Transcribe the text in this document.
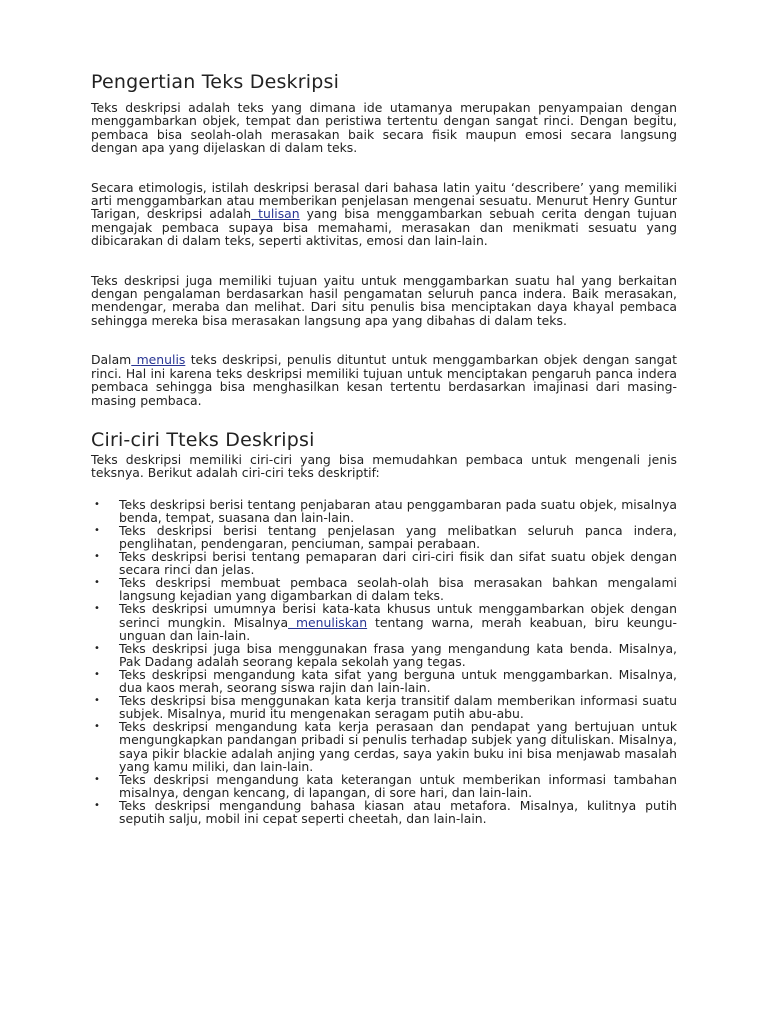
Pengertian Teks Deskripsi

Teks deskripsi adalah teks yang dimana ide utamanya merupakan penyampaian dengan menggambarkan objek, tempat dan peristiwa tertentu dengan sangat rinci. Dengan begitu, pembaca bisa seolah-olah merasakan baik secara fisik maupun emosi secara langsung dengan apa yang dijelaskan di dalam teks.

Secara etimologis, istilah deskripsi berasal dari bahasa latin yaitu ‘describere’ yang memiliki arti menggambarkan atau memberikan penjelasan mengenai sesuatu. Menurut Henry Guntur Tarigan, deskripsi adalah tulisan yang bisa menggambarkan sebuah cerita dengan tujuan mengajak pembaca supaya bisa memahami, merasakan dan menikmati sesuatu yang dibicarakan di dalam teks, seperti aktivitas, emosi dan lain-lain.

Teks deskripsi juga memiliki tujuan yaitu untuk menggambarkan suatu hal yang berkaitan dengan pengalaman berdasarkan hasil pengamatan seluruh panca indera. Baik merasakan, mendengar, meraba dan melihat. Dari situ penulis bisa menciptakan daya khayal pembaca sehingga mereka bisa merasakan langsung apa yang dibahas di dalam teks.

Dalam menulis teks deskripsi, penulis dituntut untuk menggambarkan objek dengan sangat rinci. Hal ini karena teks deskripsi memiliki tujuan untuk menciptakan pengaruh panca indera pembaca sehingga bisa menghasilkan kesan tertentu berdasarkan imajinasi dari masing-masing pembaca.

Ciri-ciri Tteks Deskripsi

Teks deskripsi memiliki ciri-ciri yang bisa memudahkan pembaca untuk mengenali jenis teksnya. Berikut adalah ciri-ciri teks deskriptif:

• Teks deskripsi berisi tentang penjabaran atau penggambaran pada suatu objek, misalnya benda, tempat, suasana dan lain-lain.
• Teks deskripsi berisi tentang penjelasan yang melibatkan seluruh panca indera, penglihatan, pendengaran, penciuman, sampai perabaan.
• Teks deskripsi berisi tentang pemaparan dari ciri-ciri fisik dan sifat suatu objek dengan secara rinci dan jelas.
• Teks deskripsi membuat pembaca seolah-olah bisa merasakan bahkan mengalami langsung kejadian yang digambarkan di dalam teks.
• Teks deskripsi umumnya berisi kata-kata khusus untuk menggambarkan objek dengan serinci mungkin. Misalnya menuliskan tentang warna, merah keabuan, biru keungu-unguan dan lain-lain.
• Teks deskripsi juga bisa menggunakan frasa yang mengandung kata benda. Misalnya, Pak Dadang adalah seorang kepala sekolah yang tegas.
• Teks deskripsi mengandung kata sifat yang berguna untuk menggambarkan. Misalnya, dua kaos merah, seorang siswa rajin dan lain-lain.
• Teks deskripsi bisa menggunakan kata kerja transitif dalam memberikan informasi suatu subjek. Misalnya, murid itu mengenakan seragam putih abu-abu.
• Teks deskripsi mengandung kata kerja perasaan dan pendapat yang bertujuan untuk mengungkapkan pandangan pribadi si penulis terhadap subjek yang dituliskan. Misalnya, saya pikir blackie adalah anjing yang cerdas, saya yakin buku ini bisa menjawab masalah yang kamu miliki, dan lain-lain.
• Teks deskripsi mengandung kata keterangan untuk memberikan informasi tambahan misalnya, dengan kencang, di lapangan, di sore hari, dan lain-lain.
• Teks deskripsi mengandung bahasa kiasan atau metafora. Misalnya, kulitnya putih seputih salju, mobil ini cepat seperti cheetah, dan lain-lain.
